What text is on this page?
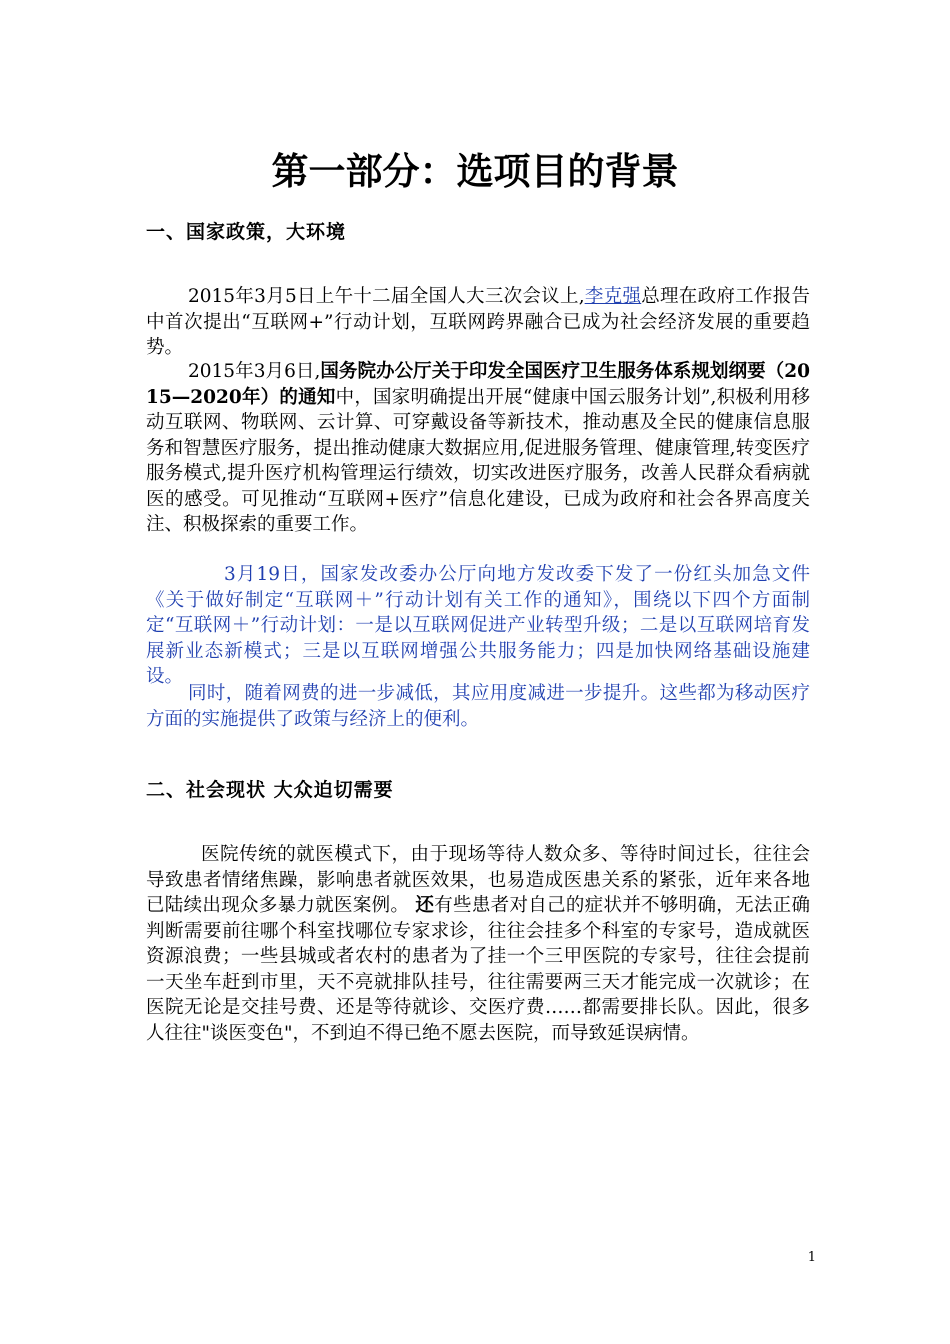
第一部分：选项目的背景
一、国家政策，大环境

2015年3月5日上午十二届全国人大三次会议上,李克强总理在政府工作报告中首次提出“互联网+”行动计划，互联网跨界融合已成为社会经济发展的重要趋势。

2015年3月6日,国务院办公厅关于印发全国医疗卫生服务体系规划纲要（2015—2020年）的通知中，国家明确提出开展“健康中国云服务计划”,积极利用移动互联网、物联网、云计算、可穿戴设备等新技术，推动惠及全民的健康信息服务和智慧医疗服务，提出推动健康大数据应用,促进服务管理、健康管理,转变医疗服务模式,提升医疗机构管理运行绩效，切实改进医疗服务，改善人民群众看病就医的感受。可见推动“互联网+医疗”信息化建设，已成为政府和社会各界高度关注、积极探索的重要工作。

3月19日，国家发改委办公厅向地方发改委下发了一份红头加急文件《关于做好制定“互联网＋”行动计划有关工作的通知》，围绕以下四个方面制定“互联网＋”行动计划：一是以互联网促进产业转型升级；二是以互联网培育发展新业态新模式；三是以互联网增强公共服务能力；四是加快网络基础设施建设。

同时，随着网费的进一步减低，其应用度减进一步提升。这些都为移动医疗方面的实施提供了政策与经济上的便利。

二、社会现状 大众迫切需要

医院传统的就医模式下，由于现场等待人数众多、等待时间过长，往往会导致患者情绪焦躁，影响患者就医效果，也易造成医患关系的紧张，近年来各地已陆续出现众多暴力就医案例。 还有些患者对自己的症状并不够明确，无法正确判断需要前往哪个科室找哪位专家求诊，往往会挂多个科室的专家号，造成就医资源浪费；一些县城或者农村的患者为了挂一个三甲医院的专家号，往往会提前一天坐车赶到市里，天不亮就排队挂号，往往需要两三天才能完成一次就诊；在医院无论是交挂号费、还是等待就诊、交医疗费……都需要排长队。因此，很多人往往"谈医变色"，不到迫不得已绝不愿去医院，而导致延误病情。

1
